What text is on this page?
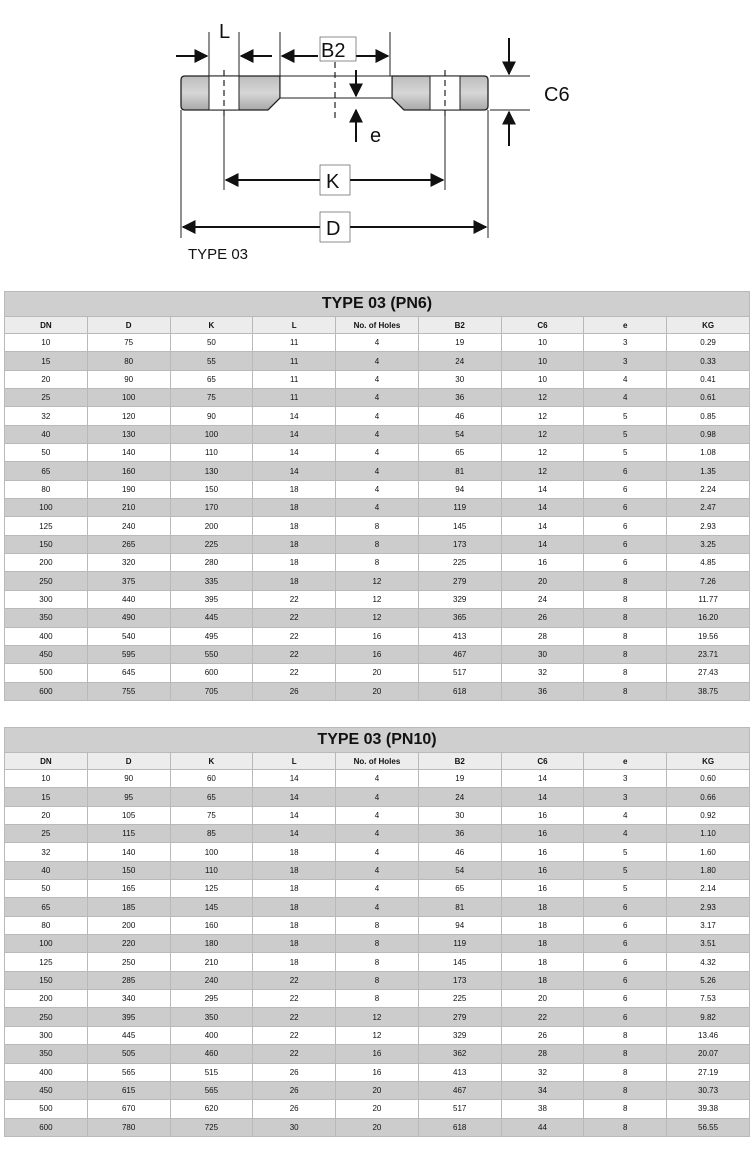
L
B2
C6
e
K
D
TYPE 03
TYPE 03 (PN6)								
DN	D	K	L	No. of Holes	B2	C6	e	KG
10	75	50	11	4	19	10	3	0.29
15	80	55	11	4	24	10	3	0.33
20	90	65	11	4	30	10	4	0.41
25	100	75	11	4	36	12	4	0.61
32	120	90	14	4	46	12	5	0.85
40	130	100	14	4	54	12	5	0.98
50	140	110	14	4	65	12	5	1.08
65	160	130	14	4	81	12	6	1.35
80	190	150	18	4	94	14	6	2.24
100	210	170	18	4	119	14	6	2.47
125	240	200	18	8	145	14	6	2.93
150	265	225	18	8	173	14	6	3.25
200	320	280	18	8	225	16	6	4.85
250	375	335	18	12	279	20	8	7.26
300	440	395	22	12	329	24	8	11.77
350	490	445	22	12	365	26	8	16.20
400	540	495	22	16	413	28	8	19.56
450	595	550	22	16	467	30	8	23.71
500	645	600	22	20	517	32	8	27.43
600	755	705	26	20	618	36	8	38.75
TYPE 03 (PN10)								
DN	D	K	L	No. of Holes	B2	C6	e	KG
10	90	60	14	4	19	14	3	0.60
15	95	65	14	4	24	14	3	0.66
20	105	75	14	4	30	16	4	0.92
25	115	85	14	4	36	16	4	1.10
32	140	100	18	4	46	16	5	1.60
40	150	110	18	4	54	16	5	1.80
50	165	125	18	4	65	16	5	2.14
65	185	145	18	4	81	18	6	2.93
80	200	160	18	8	94	18	6	3.17
100	220	180	18	8	119	18	6	3.51
125	250	210	18	8	145	18	6	4.32
150	285	240	22	8	173	18	6	5.26
200	340	295	22	8	225	20	6	7.53
250	395	350	22	12	279	22	6	9.82
300	445	400	22	12	329	26	8	13.46
350	505	460	22	16	362	28	8	20.07
400	565	515	26	16	413	32	8	27.19
450	615	565	26	20	467	34	8	30.73
500	670	620	26	20	517	38	8	39.38
600	780	725	30	20	618	44	8	56.55
